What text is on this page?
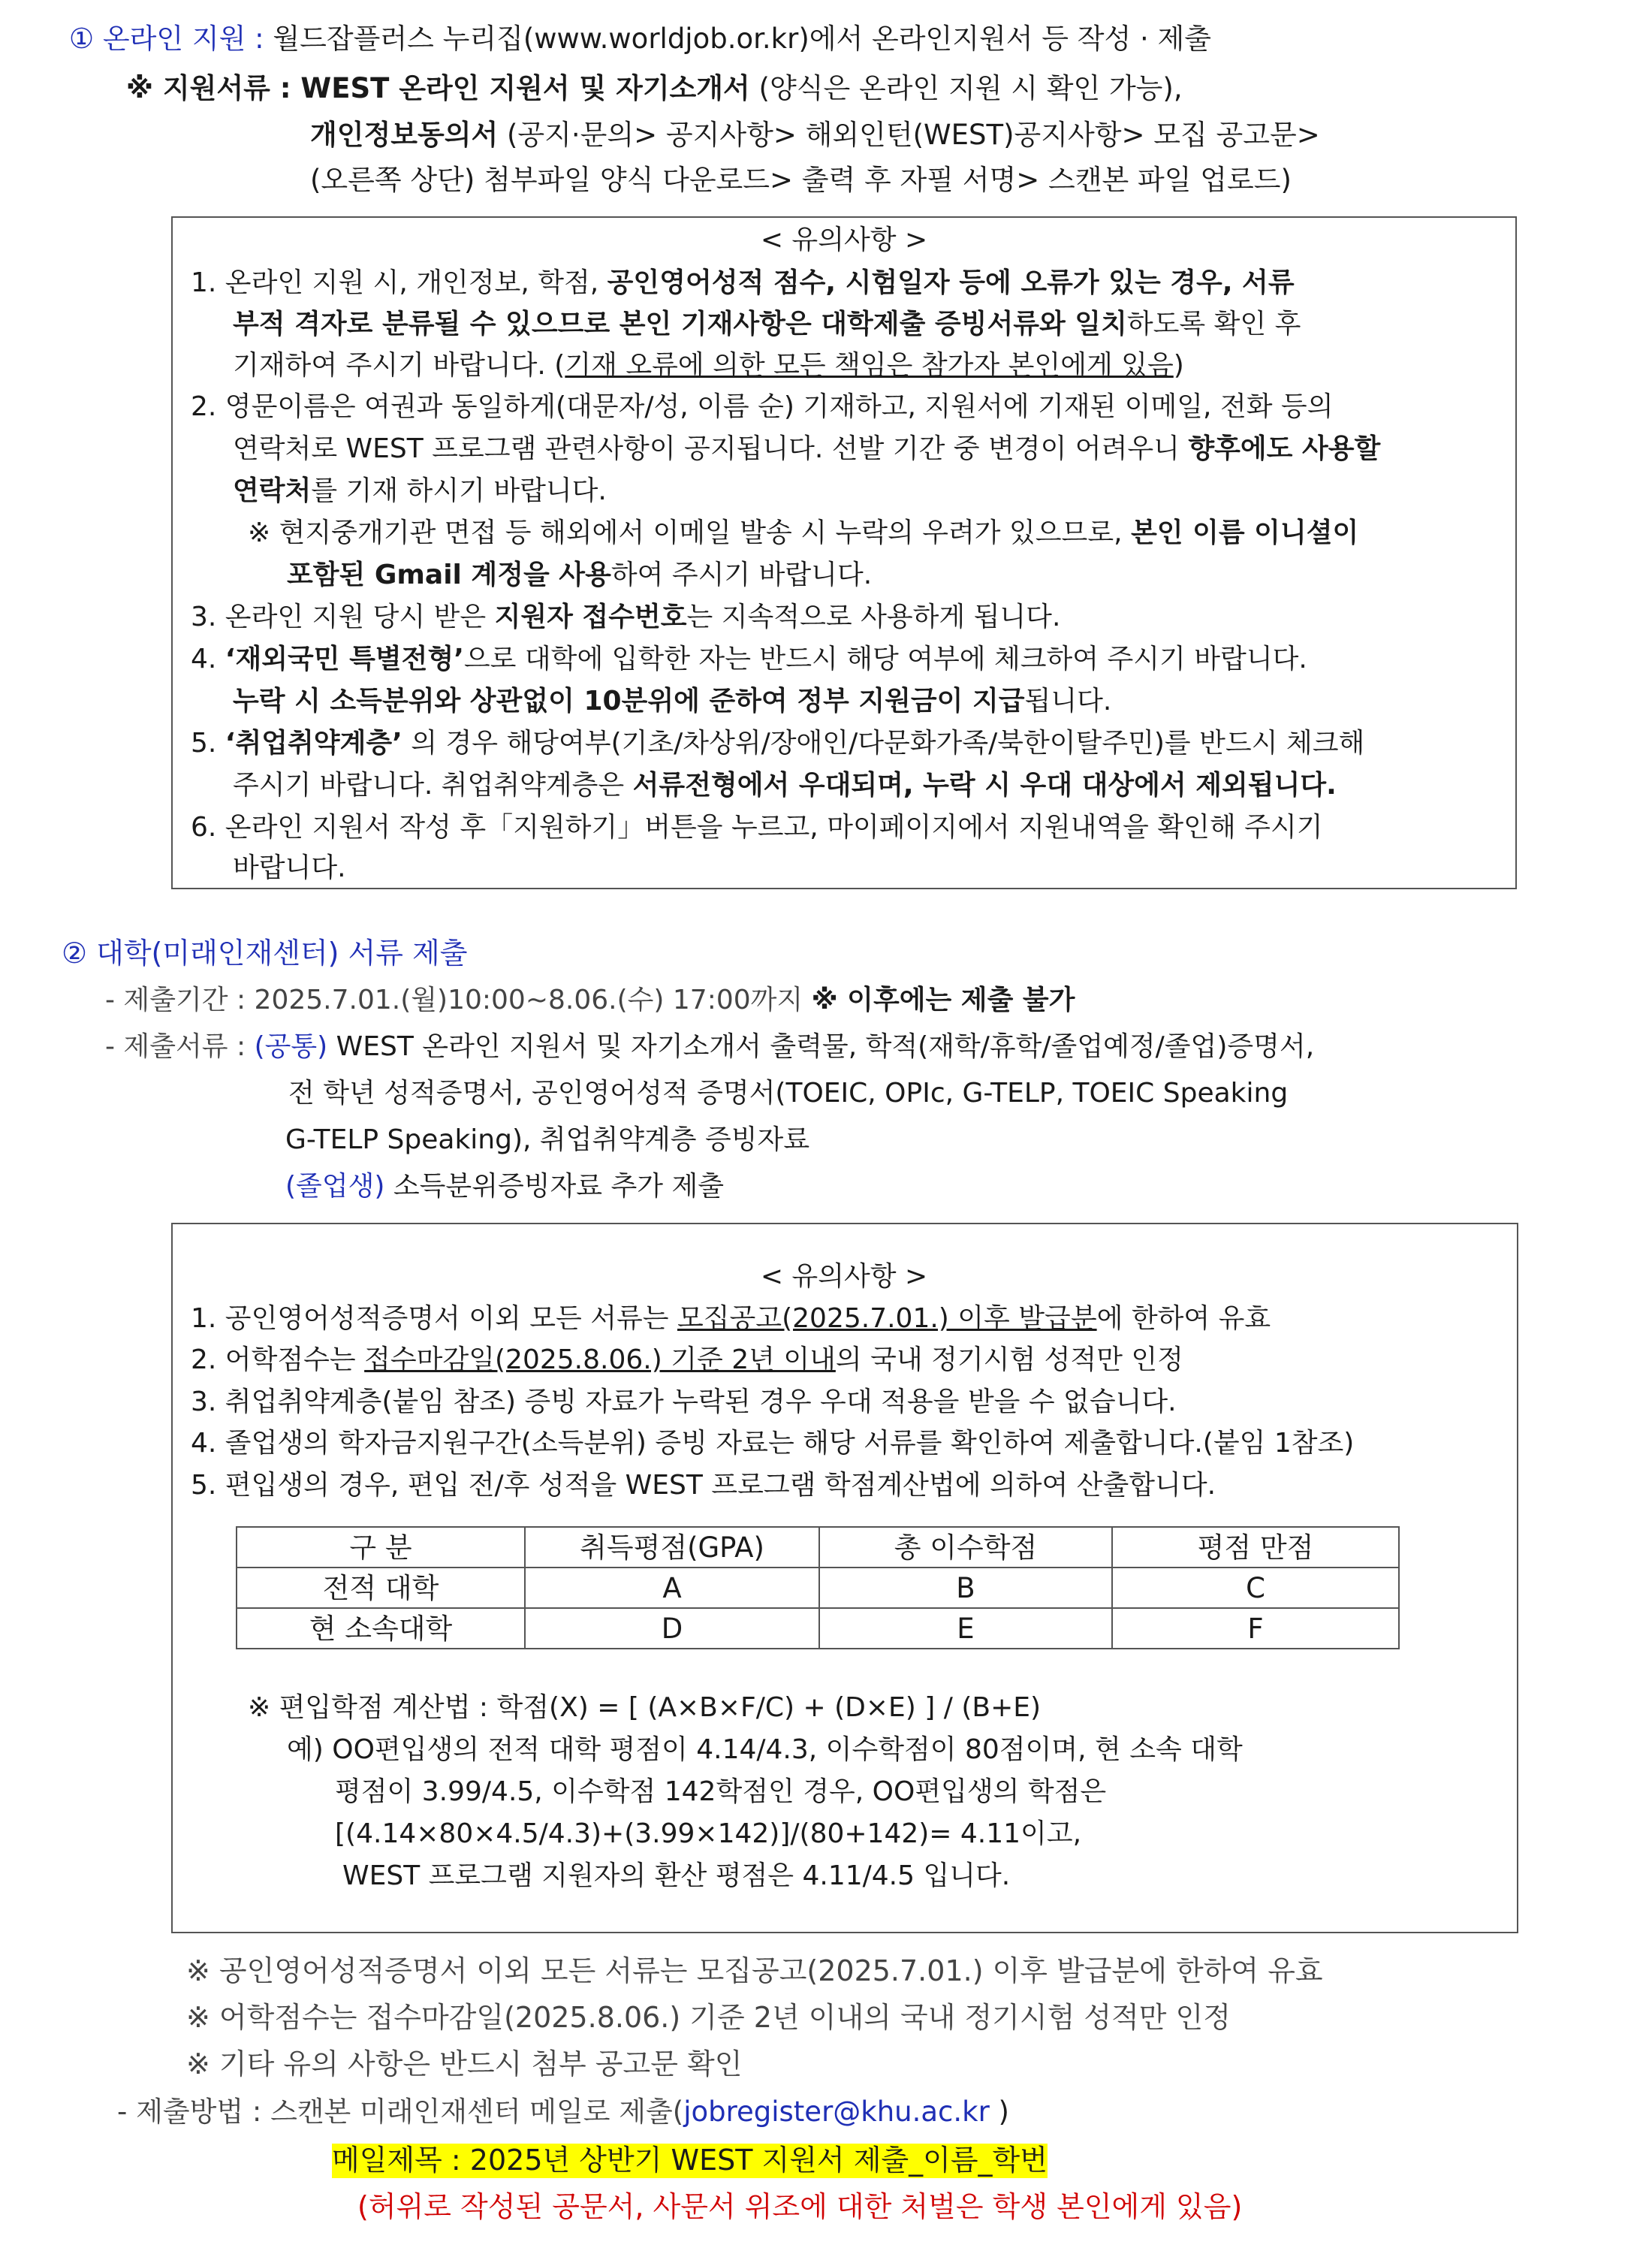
① 온라인 지원 : 월드잡플러스 누리집(www.worldjob.or.kr)에서 온라인지원서 등 작성 · 제출
※ 지원서류 : WEST 온라인 지원서 및 자기소개서 (양식은 온라인 지원 시 확인 가능),
개인정보동의서 (공지·문의> 공지사항> 해외인턴(WEST)공지사항> 모집 공고문>
(오른쪽 상단) 첨부파일 양식 다운로드> 출력 후 자필 서명> 스캔본 파일 업로드)
< 유의사항 >
1. 온라인 지원 시, 개인정보, 학점, 공인영어성적 점수, 시험일자 등에 오류가 있는 경우, 서류
부적 격자로 분류될 수 있으므로 본인 기재사항은 대학제출 증빙서류와 일치하도록 확인 후
기재하여 주시기 바랍니다. (기재 오류에 의한 모든 책임은 참가자 본인에게 있음)
2. 영문이름은 여권과 동일하게(대문자/성, 이름 순) 기재하고, 지원서에 기재된 이메일, 전화 등의
연락처로 WEST 프로그램 관련사항이 공지됩니다. 선발 기간 중 변경이 어려우니 향후에도 사용할
연락처를 기재 하시기 바랍니다.
※ 현지중개기관 면접 등 해외에서 이메일 발송 시 누락의 우려가 있으므로, 본인 이름 이니셜이
포함된 Gmail 계정을 사용하여 주시기 바랍니다.
3. 온라인 지원 당시 받은 지원자 접수번호는 지속적으로 사용하게 됩니다.
4. ‘재외국민 특별전형’으로 대학에 입학한 자는 반드시 해당 여부에 체크하여 주시기 바랍니다.
누락 시 소득분위와 상관없이 10분위에 준하여 정부 지원금이 지급됩니다.
5. ‘취업취약계층’ 의 경우 해당여부(기초/차상위/장애인/다문화가족/북한이탈주민)를 반드시 체크해
주시기 바랍니다. 취업취약계층은 서류전형에서 우대되며, 누락 시 우대 대상에서 제외됩니다.
6. 온라인 지원서 작성 후「지원하기」버튼을 누르고, 마이페이지에서 지원내역을 확인해 주시기
바랍니다.
② 대학(미래인재센터) 서류 제출
- 제출기간 : 2025.7.01.(월)10:00~8.06.(수) 17:00까지 ※ 이후에는 제출 불가
- 제출서류 : (공통) WEST 온라인 지원서 및 자기소개서 출력물, 학적(재학/휴학/졸업예정/졸업)증명서,
전 학년 성적증명서, 공인영어성적 증명서(TOEIC, OPIc, G-TELP, TOEIC Speaking
G-TELP Speaking), 취업취약계층 증빙자료
(졸업생) 소득분위증빙자료 추가 제출
< 유의사항 >
1. 공인영어성적증명서 이외 모든 서류는 모집공고(2025.7.01.) 이후 발급분에 한하여 유효
2. 어학점수는 접수마감일(2025.8.06.) 기준 2년 이내의 국내 정기시험 성적만 인정
3. 취업취약계층(붙임 참조) 증빙 자료가 누락된 경우 우대 적용을 받을 수 없습니다.
4. 졸업생의 학자금지원구간(소득분위) 증빙 자료는 해당 서류를 확인하여 제출합니다.(붙임 1참조)
5. 편입생의 경우, 편입 전/후 성적을 WEST 프로그램 학점계산법에 의하여 산출합니다.
구 분	취득평점(GPA)	총 이수학점	평점 만점
전적 대학	A	B	C
현 소속대학	D	E	F
※ 편입학점 계산법 : 학점(X) = [ (A×B×F/C) + (D×E) ] / (B+E)
예) OO편입생의 전적 대학 평점이 4.14/4.3, 이수학점이 80점이며, 현 소속 대학
평점이 3.99/4.5, 이수학점 142학점인 경우, OO편입생의 학점은
[(4.14×80×4.5/4.3)+(3.99×142)]/(80+142)= 4.11이고,
WEST 프로그램 지원자의 환산 평점은 4.11/4.5 입니다.
※ 공인영어성적증명서 이외 모든 서류는 모집공고(2025.7.01.) 이후 발급분에 한하여 유효
※ 어학점수는 접수마감일(2025.8.06.) 기준 2년 이내의 국내 정기시험 성적만 인정
※ 기타 유의 사항은 반드시 첨부 공고문 확인
- 제출방법 : 스캔본 미래인재센터 메일로 제출(jobregister@khu.ac.kr )
메일제목 : 2025년 상반기 WEST 지원서 제출_이름_학번
(허위로 작성된 공문서, 사문서 위조에 대한 처벌은 학생 본인에게 있음)
